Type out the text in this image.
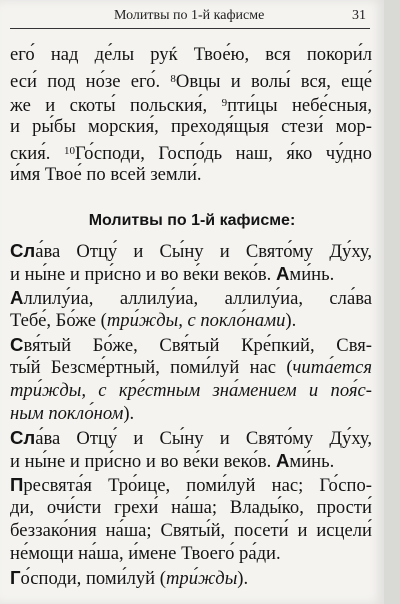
Молитвы по 1-й кафисме	31
его́ над де́лы руќ Твое́ю, вся покори́л
еси́ под но́зе его́. $^8$Овцы и волы́ вся, еще́
же и скоты́ польския́, $^9$пти́цы небе́сныя,
и ры́бы морския́, преходя́щыя стези́ мор-
ския́. $^{10}$Го́споди, Госпо́дь наш, я́ко чу́дно
и́мя Твое́ по всей земли́.
Молитвы по 1-й кафисме:
Сла́ва Отцу́ и Сы́ну и Свято́му Ду́ху,
и ны́не и при́сно и во ве́ки веко́в. Ами́нь.
Аллилу́иа, аллилу́иа, аллилу́иа, сла́ва
Тебе́, Бо́же (три́жды, с покло́нами).
Свя́тый Бо́же, Свя́тый Кре́пкий, Свя-
ты́й Безсме́ртный, поми́луй нас (чита́ется
три́жды, с кре́стным зна́мением и поя́с-
ным покло́ном).
Сла́ва Отцу́ и Сы́ну и Свято́му Ду́ху,
и ны́не и при́сно и во ве́ки веко́в. Ами́нь.
Пресвята́я Тро́ице, поми́луй нас; Го́спо-
ди, очи́сти грехи́ на́ша; Влады́ко, прости́
беззако́ния на́ша; Святы́й, посети́ и исцели́
не́мощи на́ша, и́мене Твоего́ ра́ди.
Го́споди, поми́луй (три́жды).
